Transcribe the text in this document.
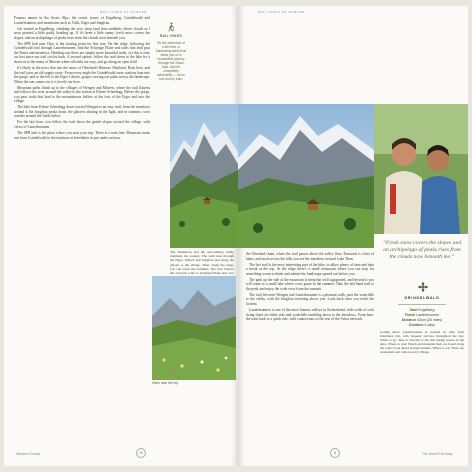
RAIL HIKES OF EUROPE

Famous names in the Swiss Alps: the scenic towns of Engelberg, Grindelwald and Lauterbrunnen, and mountains such as Titlis, Eiger and Jungfrau.

Get started in Engelberg, climbing the very steep (and then suddenly above clouds as I soon pointed a little path), heading up. If it's been a little sunny, fresh snow covers the slopes, and an archipelago of peaks rises from the clouds soon beneath you.

The SPR hub near Chur is the starting point for this tour. On the ridge, following the Grindelwald trail through Lauterbrunnen, find the Schynige Platte and trails that lead past the Fanes and meadows. Heading east there are simply more beautiful trails: yet this is easy on foot since our trail circles back. A second option: follow the trail down to the lake for a shortcut to the many of Murren where all trails are easy, and go along an open field.

It's likely in the news that into the snow of Oberland's Bernese Oberland. Back here, and the trail joins an old supply route. From every angle the Grindelwald snow stations lean into the gorge, and to the left is the Eiger Glacier, gorges carving out paths across the landscape. When the sun comes out it is lovely out here.

Mountain paths climb up to the villages of Wengen and Mürren, where the trail flattens and follows the river around the valley to the station at Kleine Scheidegg. Before the gorge, you pass trails that lead to the mountainous hollow at the foot of the Eiger and into the village.

The hike from Kleine Scheidegg down toward Wengen is an easy trail, from the meadows around it the Jungfrau peaks loom, the glaciers shining in the light, and in summer, cows wander around the fields below.

For the last hour, you follow the trail down the gentle slopes toward the village, with views of Lauterbrunnen.

The SPR hub is the place where you start your trip. There is a train line. Mountain trains run from Grindelwald to the terminus at Interlaken in just under an hour.

RAIL HIKES
It's the adventure of a life-time: a fascinating week that takes you on a remarkable journey through the Swiss Alps. And it's completely achievable — all on foot and by train.

The Weisshorn and the surrounding valley dominate the scenery. The walk runs through the Eiger, Mönch and Jungfrau and along the glacier to the village. Then, along the ridge, you can reach the terminus. The trail follows the old pack route to Schynige Platte and over

Hikes near the top.
Western Europe	10
RAIL HIKES OF EUROPE
“Fresh snow covers the slopes and an archipelago of peaks rises from the clouds now beneath me.”
GRINDELWALD
Start Engelberg
Finish Lauterbrunnen
Distance 42km (26 miles)
Duration 4 days

Getting there: Lauterbrunnen is reached by train from Interlaken Ost, with frequent services throughout the day. When to go: June to October is the best hiking season in the Alps. Where to stay: Hotels and mountain huts are found along the route; book ahead in high summer. Where to eat: There are restaurants and cafés in every village.

the Oberland chain, where the trail passes above the valley floor. Eastward is a line of lakes, and north across the hills you see the meadows around Lake Thun.

The last trail is the most interesting part of the hike, so allow plenty of time and take a break at the top. At the ridge there's a small restaurant where you can stop for something warm to drink and admire the landscape spread out before you.

The path up the side of the mountain is steep but well signposted, and beyond it you will come to a small lake where cows graze in the summer. Take the left-hand trail to the peak and enjoy the wide view from the summit.

The trail between Wengen and Lauterbrunnen is a pleasant walk, past the waterfalls to the valley, with the Jungfrau towering above you. Look back once you reach the bottom.

Lauterbrunnen is one of the most famous valleys in Switzerland, with walls of rock rising sheer on either side and waterfalls tumbling down to the meadows. From here, the train back is a quick ride, with connections to the rest of the Swiss network.

11	The World Put Away
